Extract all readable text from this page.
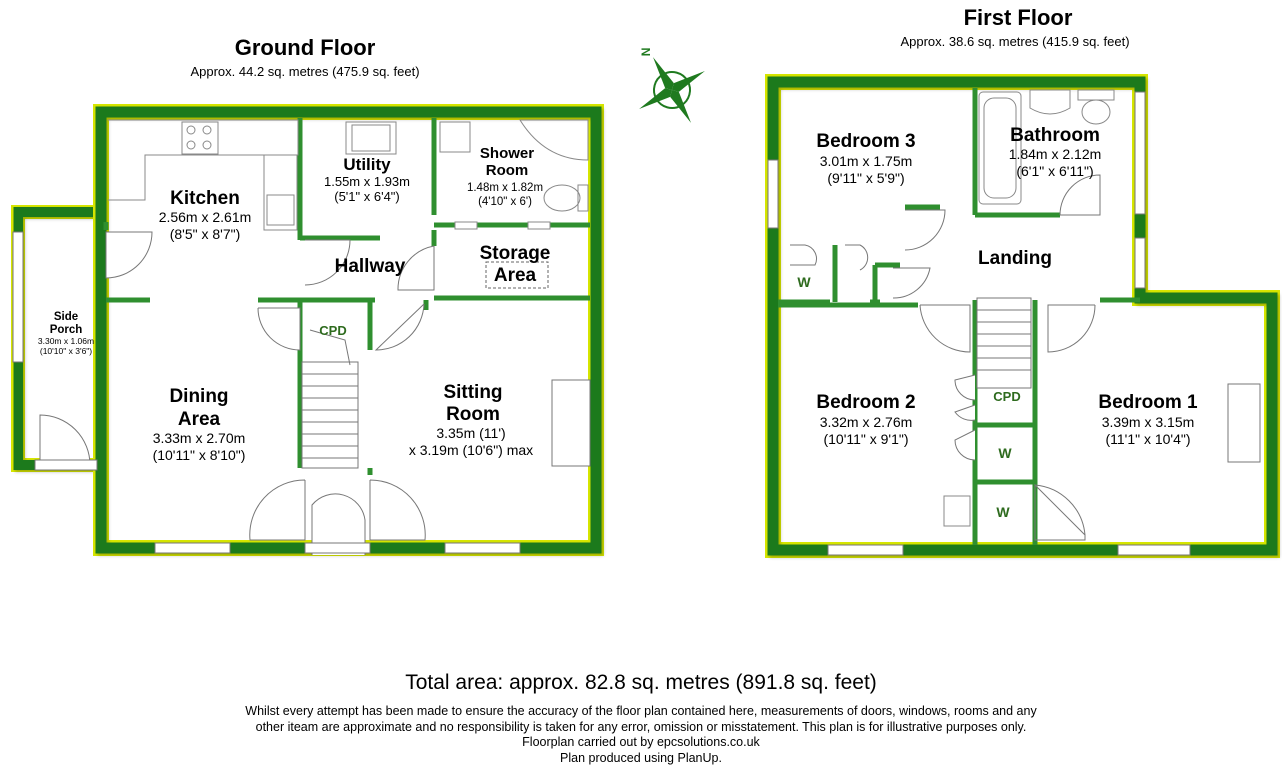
Ground Floor
Approx. 44.2 sq. metres (475.9 sq. feet)
First Floor
Approx. 38.6 sq. metres (415.9 sq. feet)
Kitchen
2.56m x 2.61m
(8'5" x 8'7")
Utility
1.55m x 1.93m
(5'1" x 6'4")
Shower
Room
1.48m x 1.82m
(4'10" x 6')
Storage
Area
Hallway
Side
Porch
3.30m x 1.06m
(10'10" x 3'6")
Dining
Area
3.33m x 2.70m
(10'11" x 8'10")
Sitting
Room
3.35m (11')
x 3.19m (10'6") max
CPD
N
Bedroom 3
3.01m x 1.75m
(9'11" x 5'9")
Bathroom
1.84m x 2.12m
(6'1" x 6'11")
Landing
Bedroom 2
3.32m x 2.76m
(10'11" x 9'1")
Bedroom 1
3.39m x 3.15m
(11'1" x 10'4")
CPD
W
W
W
Total area: approx. 82.8 sq. metres (891.8 sq. feet)
Whilst every attempt has been made to ensure the accuracy of the floor plan contained here, measurements of doors, windows, rooms and any
other iteam are approximate and no responsibility is taken for any error, omission or misstatement. This plan is for illustrative purposes only.
Floorplan carried out by epcsolutions.co.uk
Plan produced using PlanUp.
